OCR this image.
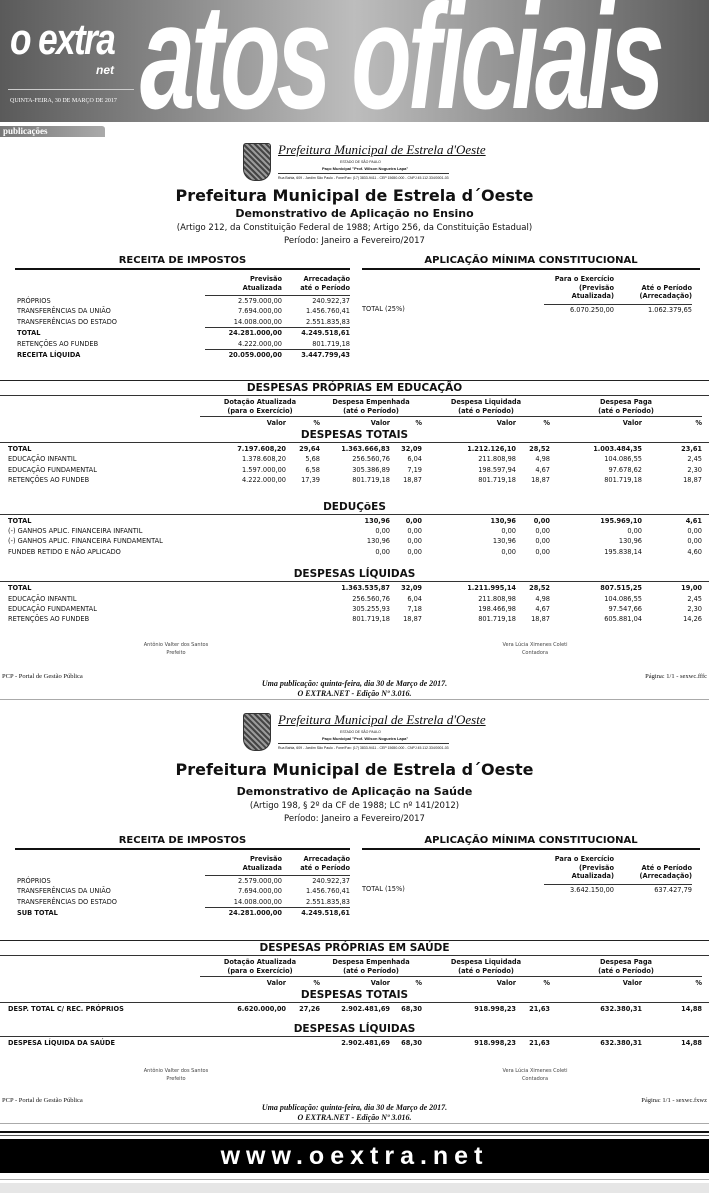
o extra
net
QUINTA-FEIRA, 30 DE MARÇO DE 2017 atos oficiais
publicações
Prefeitura Municipal de Estrela d'Oeste
ESTADO DE SÃO PAULO
Paço Municipal "Prof. Wilson Nogueira Lapa"
Rua Bahia, 609 - Jardim São Paulo - Fone/Fax: (17) 3833-9411 - CEP 15650-000 - CNPJ 45.112.334/0001-03
Prefeitura Municipal de Estrela d´Oeste
Demonstrativo de Aplicação no Ensino
(Artigo 212, da Constituição Federal de 1988; Artigo 256, da Constituição Estadual)
Período: Janeiro a Fevereiro/2017
RECEITA DE IMPOSTOS
	Previsão
Atualizada	Arrecadação
até o Período
PRÓPRIOS	2.579.000,00	240.922,37
TRANSFERÊNCIAS DA UNIÃO	7.694.000,00	1.456.760,41
TRANSFERÊNCIAS DO ESTADO	14.008.000,00	2.551.835,83
TOTAL	24.281.000,00	4.249.518,61
RETENÇÕES AO FUNDEB	4.222.000,00	801.719,18
RECEITA LÍQUIDA	20.059.000,00	3.447.799,43
APLICAÇÃO MÍNIMA CONSTITUCIONAL
	Para o Exercício
(Previsão
Atualizada)	Até o Período
(Arrecadação)	
TOTAL (25%)	6.070.250,00	1.062.379,65	
DESPESAS PRÓPRIAS EM EDUCAÇÃO
	Dotação Atualizada
(para o Exercício)		Despesa Empenhada
(até o Período)		Despesa Liquidada
(até o Período)		Despesa Paga
(até o Período)	
	Valor	%	Valor	%	Valor	%	Valor	%
DESPESAS TOTAIS
TOTAL	7.197.608,20	29,64	1.363.666,83	32,09	1.212.126,10	28,52	1.003.484,35	23,61
EDUCAÇÃO INFANTIL	1.378.608,20	5,68	256.560,76	6,04	211.808,98	4,98	104.086,55	2,45
EDUCAÇÃO FUNDAMENTAL	1.597.000,00	6,58	305.386,89	7,19	198.597,94	4,67	97.678,62	2,30
RETENÇÕES AO FUNDEB	4.222.000,00	17,39	801.719,18	18,87	801.719,18	18,87	801.719,18	18,87
DEDUÇõES
TOTAL			130,96	0,00	130,96	0,00	195.969,10	4,61
(-) GANHOS APLIC. FINANCEIRA INFANTIL			0,00	0,00	0,00	0,00	0,00	0,00
(-) GANHOS APLIC. FINANCEIRA FUNDAMENTAL			130,96	0,00	130,96	0,00	130,96	0,00
FUNDEB RETIDO E NÃO APLICADO			0,00	0,00	0,00	0,00	195.838,14	4,60
DESPESAS LÍQUIDAS
TOTAL			1.363.535,87	32,09	1.211.995,14	28,52	807.515,25	19,00
EDUCAÇÃO INFANTIL			256.560,76	6,04	211.808,98	4,98	104.086,55	2,45
EDUCAÇÃO FUNDAMENTAL			305.255,93	7,18	198.466,98	4,67	97.547,66	2,30
RETENÇÕES AO FUNDEB			801.719,18	18,87	801.719,18	18,87	605.881,04	14,26
Antônio Valter dos Santos
Prefeito
Vera Lúcia Ximenes Coleti
Contadora
PCP - Portal de Gestão Pública	Página: 1/1 - sexwc.fffc
Uma publicação: quinta-feira, dia 30 de Março de 2017.
O EXTRA.NET - Edição Nº 3.016.
Prefeitura Municipal de Estrela d'Oeste
ESTADO DE SÃO PAULO
Paço Municipal "Prof. Wilson Nogueira Lapa"
Rua Bahia, 609 - Jardim São Paulo - Fone/Fax: (17) 3833-9411 - CEP 15650-000 - CNPJ 45.112.334/0001-03
Prefeitura Municipal de Estrela d´Oeste
Demonstrativo de Aplicação na Saúde
(Artigo 198, § 2º da CF de 1988; LC nº 141/2012)
Período: Janeiro a Fevereiro/2017
RECEITA DE IMPOSTOS
	Previsão
Atualizada	Arrecadação
até o Período
PRÓPRIOS	2.579.000,00	240.922,37
TRANSFERÊNCIAS DA UNIÃO	7.694.000,00	1.456.760,41
TRANSFERÊNCIAS DO ESTADO	14.008.000,00	2.551.835,83
SUB TOTAL	24.281.000,00	4.249.518,61
APLICAÇÃO MÍNIMA CONSTITUCIONAL
	Para o Exercício
(Previsão
Atualizada)	Até o Período
(Arrecadação)	
TOTAL (15%)	3.642.150,00	637.427,79	
DESPESAS PRÓPRIAS EM SAÚDE
	Dotação Atualizada
(para o Exercício)		Despesa Empenhada
(até o Período)		Despesa Liquidada
(até o Período)		Despesa Paga
(até o Período)	
	Valor	%	Valor	%	Valor	%	Valor	%
DESPESAS TOTAIS
DESP. TOTAL C/ REC. PRÓPRIOS	6.620.000,00	27,26	2.902.481,69	68,30	918.998,23	21,63	632.380,31	14,88
DESPESAS LÍQUIDAS
DESPESA LÍQUIDA DA SAÚDE			2.902.481,69	68,30	918.998,23	21,63	632.380,31	14,88
Antônio Valter dos Santos
Prefeito
Vera Lúcia Ximenes Coleti
Contadora
PCP - Portal de Gestão Pública	Página: 1/1 - sexwc.fxwz
Uma publicação: quinta-feira, dia 30 de Março de 2017.
O EXTRA.NET - Edição Nº 3.016.
www.oextra.net
